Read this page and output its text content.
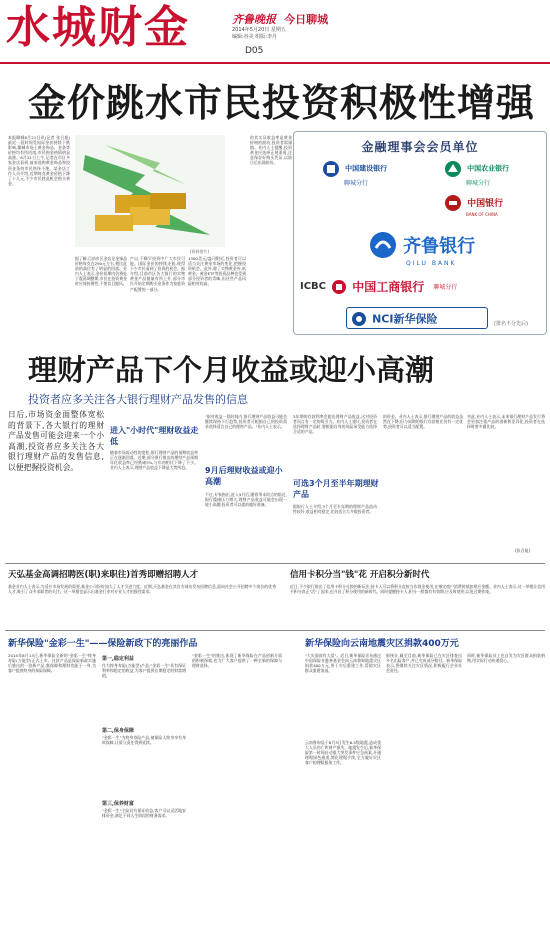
水城财金	齐鲁晚报 今日聊城
2014年5月20日 星期五
编辑:谷美 组版:李丹
D05
金价跳水市民投资积极性增强
本报聊城8月21日讯(记者 张召旭) 最近一段时间受国际金价持续下跌影响,聊城市场上黄金饰品、金条等价格均有所回落,市民购金热情明显高涨。8月21日上午,记者在市区多家金店看到,前来选购黄金饰品和投资金条的市民络绎不绝。某金店工作人员介绍,近期每克黄金价格下降了十几元,不少市民趁此机会购买黄金。
(资料图片)
据了解,目前市区金店足金饰品价格每克在290元左右,相比此前的高位有了明显的回落。业内人士表示,金价短期内仍将处于震荡调整期,市民在投资黄金时应保持理性,不要盲目跟风。
产以,不稀罕投资中广大市民可能。国际金价的持续走低,使得不少市民看到了投资的机会。据介绍,目前市区各大银行的实物黄金产品销量有所上升,部分市民开始定期购买金条作为家庭资产配置的一部分。
1300美元/盎司附近,投资者可以适当关注黄金市场的变化,把握投资机会。此外,除了实物黄金外,纸黄金、黄金ETF等投资品种也受到部分投资者的青睐,但这些产品风险相对较高。
的其实证收益率是黄金价格的波动,投资者需谨慎。业内人士提醒,投资黄金应选择正规渠道,注意保存好购买凭证,以防日后出现纠纷。
金融理事会会员单位
中国建设银行
聊城分行
中国农业银行
聊城分行
中国银行
BANK OF CHINA
齐鲁银行
QILU BANK
ICBC 中国工商银行 聊城分行
NCI新华保险	(排名不分先后)
理财产品下个月收益或迎小高潮
投资者应多关注各大银行理财产品发售的信息
日后,市场资金面整体宽松的背景下,各大银行的理财产品发售可能会迎来一个小高潮,投资者应多关注各大银行理财产品的发售信息,以便把握投资机会。
进入"小时代"理财收益走低
随着市场流动性的宽松,银行理财产品的预期收益率正在逐渐回落。近期,部分银行推出的理财产品预期年化收益率已经跌破5%,与年初相比下降了不少。业内人士表示,理财产品收益下降是大势所趋。
"据对收益一段时间内,银行理财产品收益可能会继续保持下行趋势,投资者可根据自己的投资需求选择适合自己的理财产品。"业内人士表示。
9月后理财收益或迎小高潮
不过,专家指出,进入9月后,随着季末时点的临近,银行揽储压力增大,理财产品收益可能会出现一轮小高潮,投资者可以提前做好准备。
3年期的存款利率会超出理财产品收益,这对投资者而言有一定的吸引力。业内人士建议,投资者在选择理财产品时,要根据自身的风险承受能力选择合适的产品。
可选3个月至半年期理财产品
据银行人士介绍,3个月至半年期的理财产品流动性较好,收益相对稳定,比较适合大多数投资者。
的资金。业内人士表示,银行理财产品的收益虽然在下降,但与同期的银行存款相比仍有一定优势,投资者可以适当配置。
对此,业内人士表示,未来银行理财产品发行将会更加注重产品的创新和差异化,投资者在选择时要多做比较。
(张召旭)
天弘基金高调招聘医(职)来职往)首秀即赠招聘人才
基金业内人士表示,为适应市场发展的需要,基金公司纷纷加大了人才引进力度。近期,天弘基金在其官方网站发布招聘信息,面向社会公开招聘多个岗位的优秀人才,吸引了众多求职者的关注。这一举措也显示出基金行业对专业人才的强烈需求。
信用卡积分当"钱"花 开启积分新时代
近日,不少银行推出了信用卡积分兑换的新玩法,持卡人可以将积分直接当作现金使用,在指定商户消费时抵扣相应金额。业内人士表示,这一举措让信用卡积分真正"活"了起来,也开启了积分使用的新时代。同时提醒持卡人,积分一般都有有效期,应及时使用,以免过期作废。
新华保险"金彩一生"——保险新政下的亮丽作品
2014年8月13日,新华保险全新的"金彩一生"终身寿险(万能型)正式上市。这款产品是保险新政实施后推出的一款新产品,集保障和理财功能于一身,为客户提供终身的保险保障。
第一,稳定利益
作为终身寿险(万能型)产品,"金彩一生"具有保证利率和稳定的收益,为客户提供长期稳定的财富增值。
第二,保身保障
"金彩一生"为终身寿险产品,被保险人终身享有身故保障,让爱与责任得到延续。
第三,保养财富
"金彩一生"主险具有保证收益,客户可以灵活地安排资金,满足不同人生阶段的财务需求。
"金彩一生"的推出,体现了新华保险在产品创新方面的积极探索,也为广大客户提供了一种全新的保障与理财选择。
新华保险向云南地震灾区捐款400万元
"大灾面前有大爱"。近日,新华保险宣布通过中国保险业慈善基金会向云南鲁甸地震灾区捐款400万元,用于灾后重建工作,帮助灾区群众重建家园。
云南鲁甸县于8月3日发生6.5级地震,造成重大人员伤亡和财产损失。地震发生后,新华保险第一时间启动重大突发事件应急预案,开通理赔绿色通道,简化理赔手续,全力做好灾区客户的理赔服务工作。
据统计,截至目前,新华保险已在灾区排查出多名出险客户,并已完成部分赔付。新华保险表示,将继续关注灾区情况,积极履行企业社会责任。
同时,新华保险员工也自发为灾区群众捐款捐物,用实际行动传递爱心。
